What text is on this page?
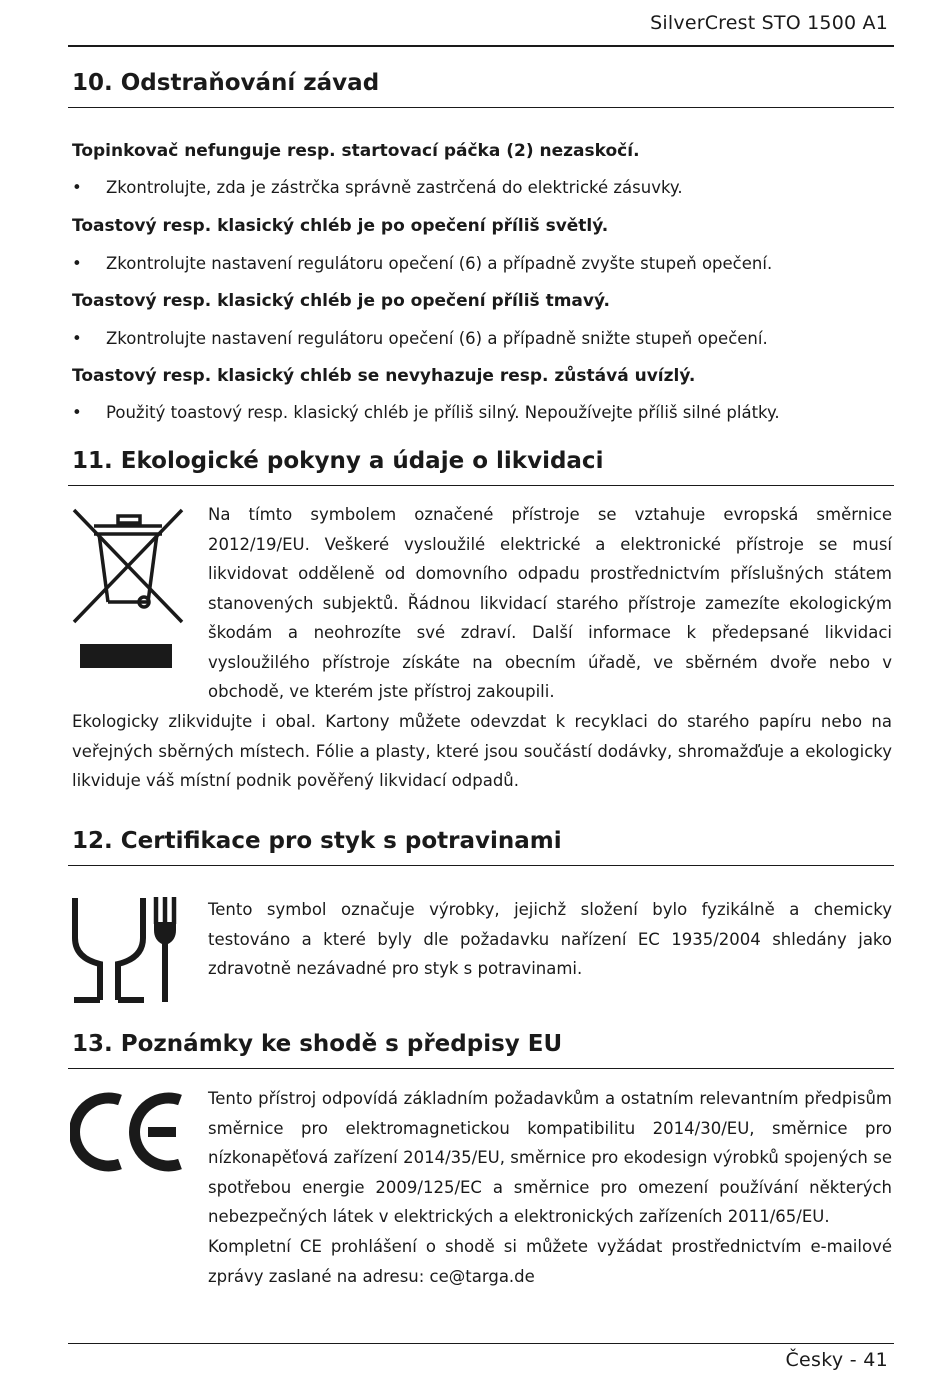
SilverCrest STO 1500 A1
10. Odstraňování závad
Topinkovač nefunguje resp. startovací páčka (2) nezaskočí.
• Zkontrolujte, zda je zástrčka správně zastrčená do elektrické zásuvky.
Toastový resp. klasický chléb je po opečení příliš světlý.
• Zkontrolujte nastavení regulátoru opečení (6) a případně zvyšte stupeň opečení.
Toastový resp. klasický chléb je po opečení příliš tmavý.
• Zkontrolujte nastavení regulátoru opečení (6) a případně snižte stupeň opečení.
Toastový resp. klasický chléb se nevyhazuje resp. zůstává uvízlý.
• Použitý toastový resp. klasický chléb je příliš silný. Nepoužívejte příliš silné plátky.
11. Ekologické pokyny a údaje o likvidaci
Na tímto symbolem označené přístroje se vztahuje evropská směrnice 2012/19/EU. Veškeré vysloužilé elektrické a elektronické přístroje se musí likvidovat odděleně od domovního odpadu prostřednictvím příslušných státem stanovených subjektů. Řádnou likvidací starého přístroje zamezíte ekologickým škodám a neohrozíte své zdraví. Další informace k předepsané likvidaci vysloužilého přístroje získáte na obecním úřadě, ve sběrném dvoře nebo v obchodě, ve kterém jste přístroj zakoupili.
Ekologicky zlikvidujte i obal. Kartony můžete odevzdat k recyklaci do starého papíru nebo na veřejných sběrných místech. Fólie a plasty, které jsou součástí dodávky, shromažďuje a ekologicky likviduje váš místní podnik pověřený likvidací odpadů.
12. Certifikace pro styk s potravinami
Tento symbol označuje výrobky, jejichž složení bylo fyzikálně a chemicky testováno a které byly dle požadavku nařízení EC 1935/2004 shledány jako zdravotně nezávadné pro styk s potravinami.
13. Poznámky ke shodě s předpisy EU
Tento přístroj odpovídá základním požadavkům a ostatním relevantním předpisům směrnice pro elektromagnetickou kompatibilitu 2014/30/EU, směrnice pro nízkonapěťová zařízení 2014/35/EU, směrnice pro ekodesign výrobků spojených se spotřebou energie 2009/125/EC a směrnice pro omezení používání některých nebezpečných látek v elektrických a elektronických zařízeních 2011/65/EU.
Kompletní CE prohlášení o shodě si můžete vyžádat prostřednictvím e-mailové zprávy zaslané na adresu: ce@targa.de
Česky - 41
